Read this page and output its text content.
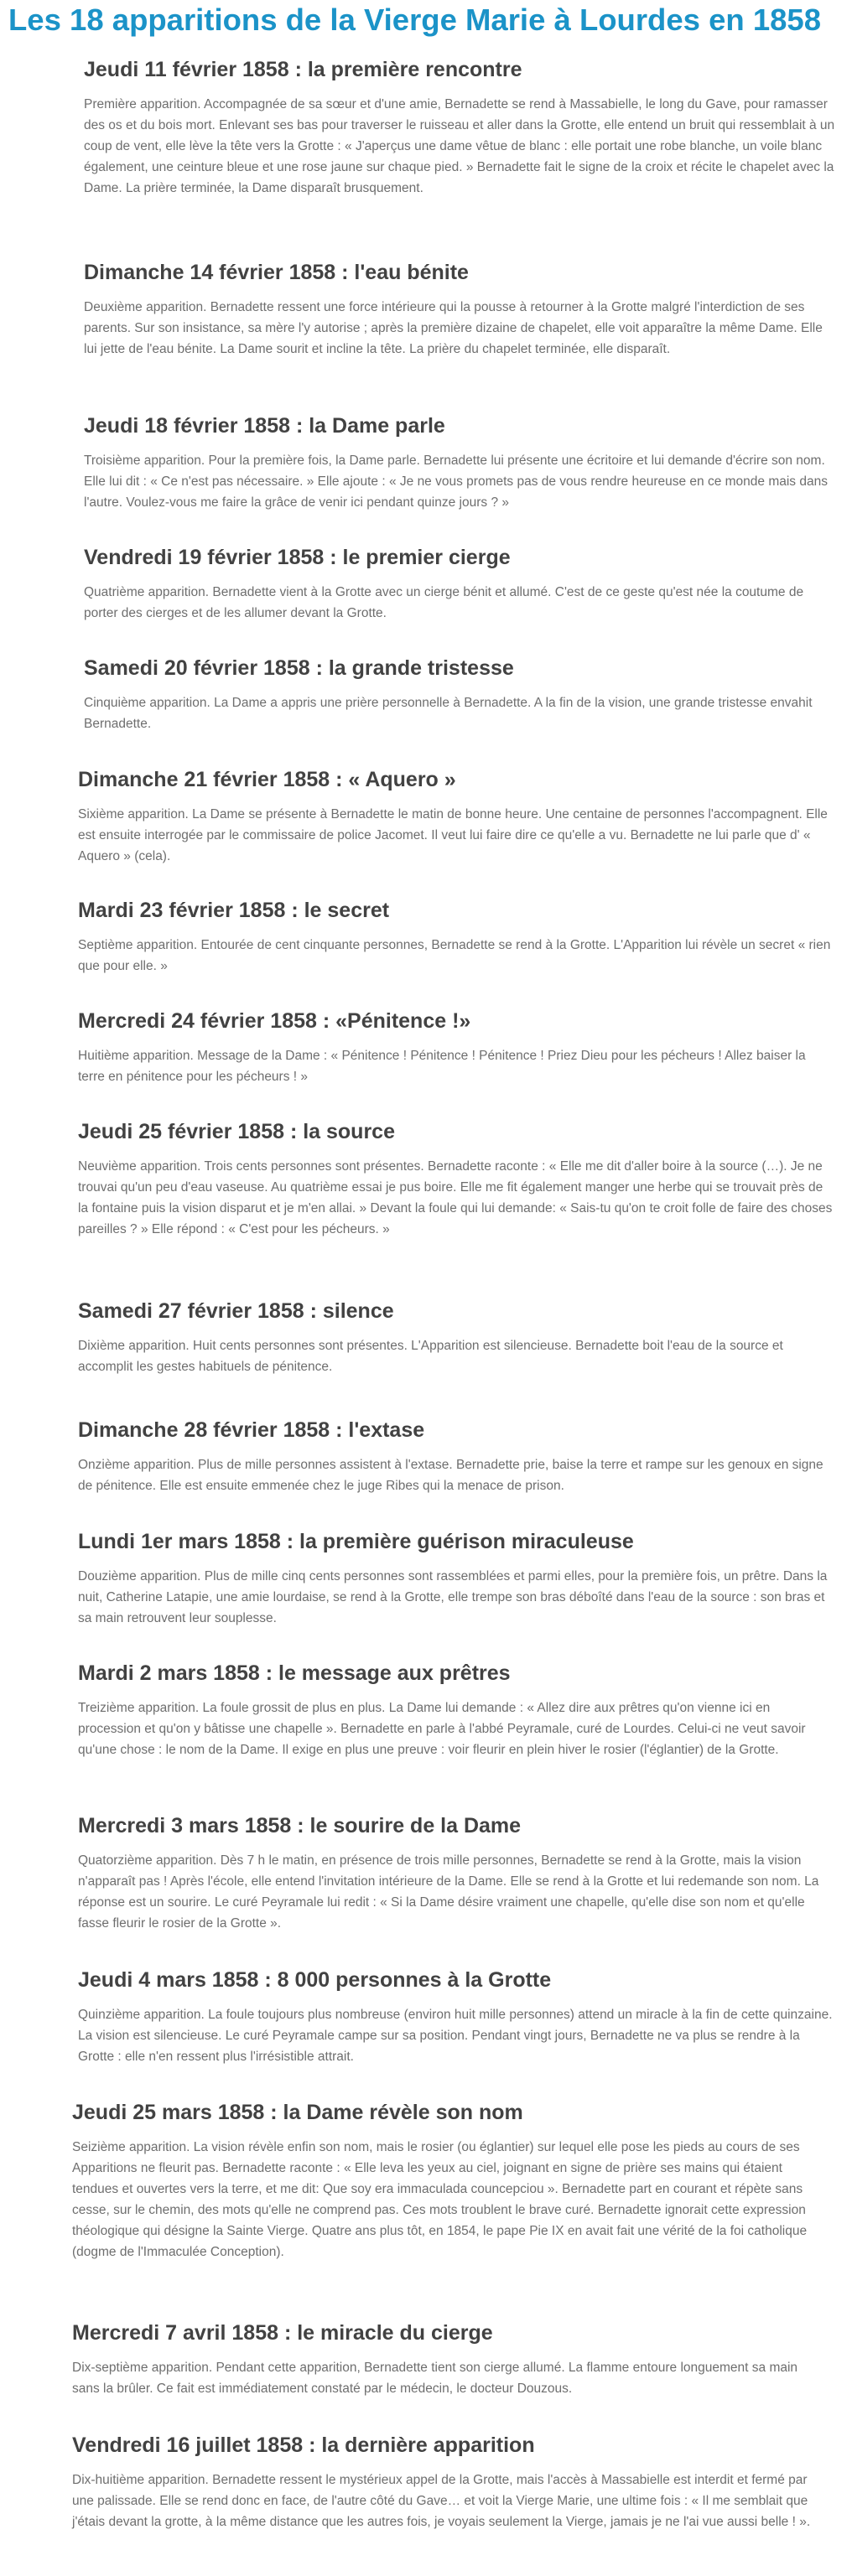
Les 18 apparitions de la Vierge Marie à Lourdes en 1858
Jeudi 11 février 1858 : la première rencontre

Première apparition. Accompagnée de sa sœur et d'une amie, Bernadette se rend à Massabielle, le long du Gave, pour ramasser des os et du bois mort. Enlevant ses bas pour traverser le ruisseau et aller dans la Grotte, elle entend un bruit qui ressemblait à un coup de vent, elle lève la tête vers la Grotte : « J'aperçus une dame vêtue de blanc : elle portait une robe blanche, un voile blanc également, une ceinture bleue et une rose jaune sur chaque pied. » Bernadette fait le signe de la croix et récite le chapelet avec la Dame. La prière terminée, la Dame disparaît brusquement.

Dimanche 14 février 1858 : l'eau bénite

Deuxième apparition. Bernadette ressent une force intérieure qui la pousse à retourner à la Grotte malgré l'interdiction de ses parents. Sur son insistance, sa mère l'y autorise ; après la première dizaine de chapelet, elle voit apparaître la même Dame. Elle lui jette de l'eau bénite. La Dame sourit et incline la tête. La prière du chapelet terminée, elle disparaît.

Jeudi 18 février 1858 : la Dame parle

Troisième apparition. Pour la première fois, la Dame parle. Bernadette lui présente une écritoire et lui demande d'écrire son nom. Elle lui dit : « Ce n'est pas nécessaire. » Elle ajoute : « Je ne vous promets pas de vous rendre heureuse en ce monde mais dans l'autre. Voulez-vous me faire la grâce de venir ici pendant quinze jours ? »

Vendredi 19 février 1858 : le premier cierge

Quatrième apparition. Bernadette vient à la Grotte avec un cierge bénit et allumé. C'est de ce geste qu'est née la coutume de porter des cierges et de les allumer devant la Grotte.

Samedi 20 février 1858 : la grande tristesse

Cinquième apparition. La Dame a appris une prière personnelle à Bernadette. A la fin de la vision, une grande tristesse envahit Bernadette.

Dimanche 21 février 1858 : « Aquero »

Sixième apparition. La Dame se présente à Bernadette le matin de bonne heure. Une centaine de personnes l'accompagnent. Elle est ensuite interrogée par le commissaire de police Jacomet. Il veut lui faire dire ce qu'elle a vu. Bernadette ne lui parle que d' « Aquero » (cela).

Mardi 23 février 1858 : le secret

Septième apparition. Entourée de cent cinquante personnes, Bernadette se rend à la Grotte. L'Apparition lui révèle un secret « rien que pour elle. »

Mercredi 24 février 1858 : «Pénitence !»

Huitième apparition. Message de la Dame : « Pénitence ! Pénitence ! Pénitence ! Priez Dieu pour les pécheurs ! Allez baiser la terre en pénitence pour les pécheurs ! »

Jeudi 25 février 1858 : la source

Neuvième apparition. Trois cents personnes sont présentes. Bernadette raconte : « Elle me dit d'aller boire à la source (…). Je ne trouvai qu'un peu d'eau vaseuse. Au quatrième essai je pus boire. Elle me fit également manger une herbe qui se trouvait près de la fontaine puis la vision disparut et je m'en allai. » Devant la foule qui lui demande: « Sais-tu qu'on te croit folle de faire des choses pareilles ? » Elle répond : « C'est pour les pécheurs. »

Samedi 27 février 1858 : silence

Dixième apparition. Huit cents personnes sont présentes. L'Apparition est silencieuse. Bernadette boit l'eau de la source et accomplit les gestes habituels de pénitence.

Dimanche 28 février 1858 : l'extase

Onzième apparition. Plus de mille personnes assistent à l'extase. Bernadette prie, baise la terre et rampe sur les genoux en signe de pénitence. Elle est ensuite emmenée chez le juge Ribes qui la menace de prison.

Lundi 1er mars 1858 : la première guérison miraculeuse

Douzième apparition. Plus de mille cinq cents personnes sont rassemblées et parmi elles, pour la première fois, un prêtre. Dans la nuit, Catherine Latapie, une amie lourdaise, se rend à la Grotte, elle trempe son bras déboîté dans l'eau de la source : son bras et sa main retrouvent leur souplesse.

Mardi 2 mars 1858 : le message aux prêtres

Treizième apparition. La foule grossit de plus en plus. La Dame lui demande : « Allez dire aux prêtres qu'on vienne ici en procession et qu'on y bâtisse une chapelle ». Bernadette en parle à l'abbé Peyramale, curé de Lourdes. Celui-ci ne veut savoir qu'une chose : le nom de la Dame. Il exige en plus une preuve : voir fleurir en plein hiver le rosier (l'églantier) de la Grotte.

Mercredi 3 mars 1858 : le sourire de la Dame

Quatorzième apparition. Dès 7 h le matin, en présence de trois mille personnes, Bernadette se rend à la Grotte, mais la vision n'apparaît pas ! Après l'école, elle entend l'invitation intérieure de la Dame. Elle se rend à la Grotte et lui redemande son nom. La réponse est un sourire. Le curé Peyramale lui redit : « Si la Dame désire vraiment une chapelle, qu'elle dise son nom et qu'elle fasse fleurir le rosier de la Grotte ».

Jeudi 4 mars 1858 : 8 000 personnes à la Grotte

Quinzième apparition. La foule toujours plus nombreuse (environ huit mille personnes) attend un miracle à la fin de cette quinzaine. La vision est silencieuse. Le curé Peyramale campe sur sa position. Pendant vingt jours, Bernadette ne va plus se rendre à la Grotte : elle n'en ressent plus l'irrésistible attrait.

Jeudi 25 mars 1858 : la Dame révèle son nom

Seizième apparition. La vision révèle enfin son nom, mais le rosier (ou églantier) sur lequel elle pose les pieds au cours de ses Apparitions ne fleurit pas. Bernadette raconte : « Elle leva les yeux au ciel, joignant en signe de prière ses mains qui étaient tendues et ouvertes vers la terre, et me dit: Que soy era immaculada councepciou ». Bernadette part en courant et répète sans cesse, sur le chemin, des mots qu'elle ne comprend pas. Ces mots troublent le brave curé. Bernadette ignorait cette expression théologique qui désigne la Sainte Vierge. Quatre ans plus tôt, en 1854, le pape Pie IX en avait fait une vérité de la foi catholique (dogme de l'Immaculée Conception).

Mercredi 7 avril 1858 : le miracle du cierge

Dix-septième apparition. Pendant cette apparition, Bernadette tient son cierge allumé. La flamme entoure longuement sa main sans la brûler. Ce fait est immédiatement constaté par le médecin, le docteur Douzous.

Vendredi 16 juillet 1858 : la dernière apparition

Dix-huitième apparition. Bernadette ressent le mystérieux appel de la Grotte, mais l'accès à Massabielle est interdit et fermé par une palissade. Elle se rend donc en face, de l'autre côté du Gave… et voit la Vierge Marie, une ultime fois : « Il me semblait que j'étais devant la grotte, à la même distance que les autres fois, je voyais seulement la Vierge, jamais je ne l'ai vue aussi belle ! ».
